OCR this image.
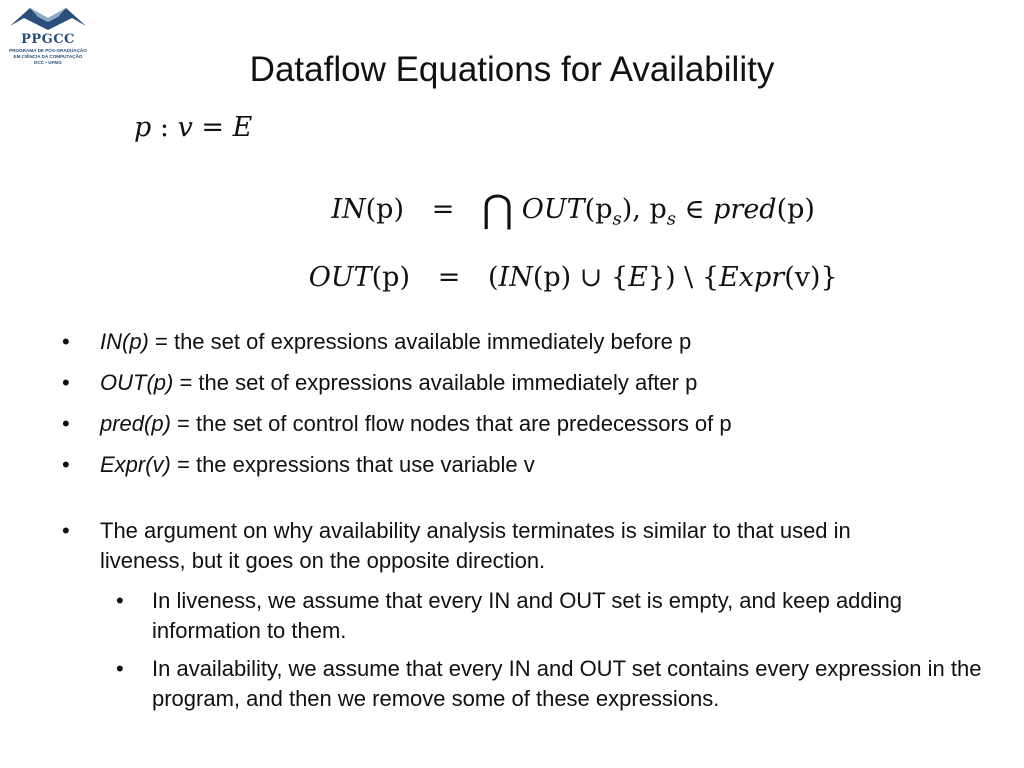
PPGCC
PROGRAMA DE PÓS-GRADUAÇÃO
EM CIÊNCIA DA COMPUTAÇÃO
DCC • UFMG	Dataflow Equations for Availability
p : v = E
IN(p) = ⋂ $OUT(p_s)$, $p_s$ ∈ pred(p)
OUT(p) = (IN(p) ∪ {E}) \ {Expr(v)}
• IN(p) = the set of expressions available immediately before p
• OUT(p) = the set of expressions available immediately after p
• pred(p) = the set of control flow nodes that are predecessors of p
• Expr(v) = the expressions that use variable v
• The argument on why availability analysis terminates is similar to that used in liveness, but it goes on the opposite direction.
• In liveness, we assume that every IN and OUT set is empty, and keep adding information to them.
• In availability, we assume that every IN and OUT set contains every expression in the program, and then we remove some of these expressions.
